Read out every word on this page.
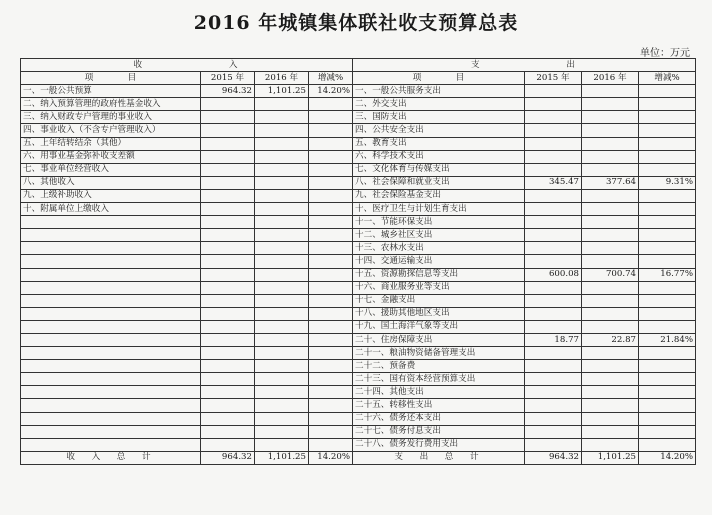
2016 年城镇集体联社收支预算总表
单位：万元
收　　　　　　　　入				支　　　　　　　　出			
项　　　　目	2015 年	2016 年	增减%	项　　　　目	2015 年	2016 年	增减%
一、一般公共预算	964.32	1,101.25	14.20%	一、一般公共服务支出			
二、纳入预算管理的政府性基金收入				二、外交支出			
三、纳入财政专户管理的事业收入				三、国防支出			
四、事业收入（不含专户管理收入）				四、公共安全支出			
五、上年结转结余（其他）				五、教育支出			
六、用事业基金弥补收支差额				六、科学技术支出			
七、事业单位经营收入				七、文化体育与传媒支出			
八、其他收入				八、社会保障和就业支出	345.47	377.64	9.31%
九、上级补助收入				九、社会保险基金支出			
十、附属单位上缴收入				十、医疗卫生与计划生育支出			
				十一、节能环保支出			
				十二、城乡社区支出			
				十三、农林水支出			
				十四、交通运输支出			
				十五、资源勘探信息等支出	600.08	700.74	16.77%
				十六、商业服务业等支出			
				十七、金融支出			
				十八、援助其他地区支出			
				十九、国土海洋气象等支出			
				二十、住房保障支出	18.77	22.87	21.84%
				二十一、粮油物资储备管理支出			
				二十二、预备费			
				二十三、国有资本经营预算支出			
				二十四、其他支出			
				二十五、转移性支出			
				二十六、债务还本支出			
				二十七、债务付息支出			
				二十八、债务发行费用支出			
收　入　总　计	964.32	1,101.25	14.20%	支　出　总　计	964.32	1,101.25	14.20%
